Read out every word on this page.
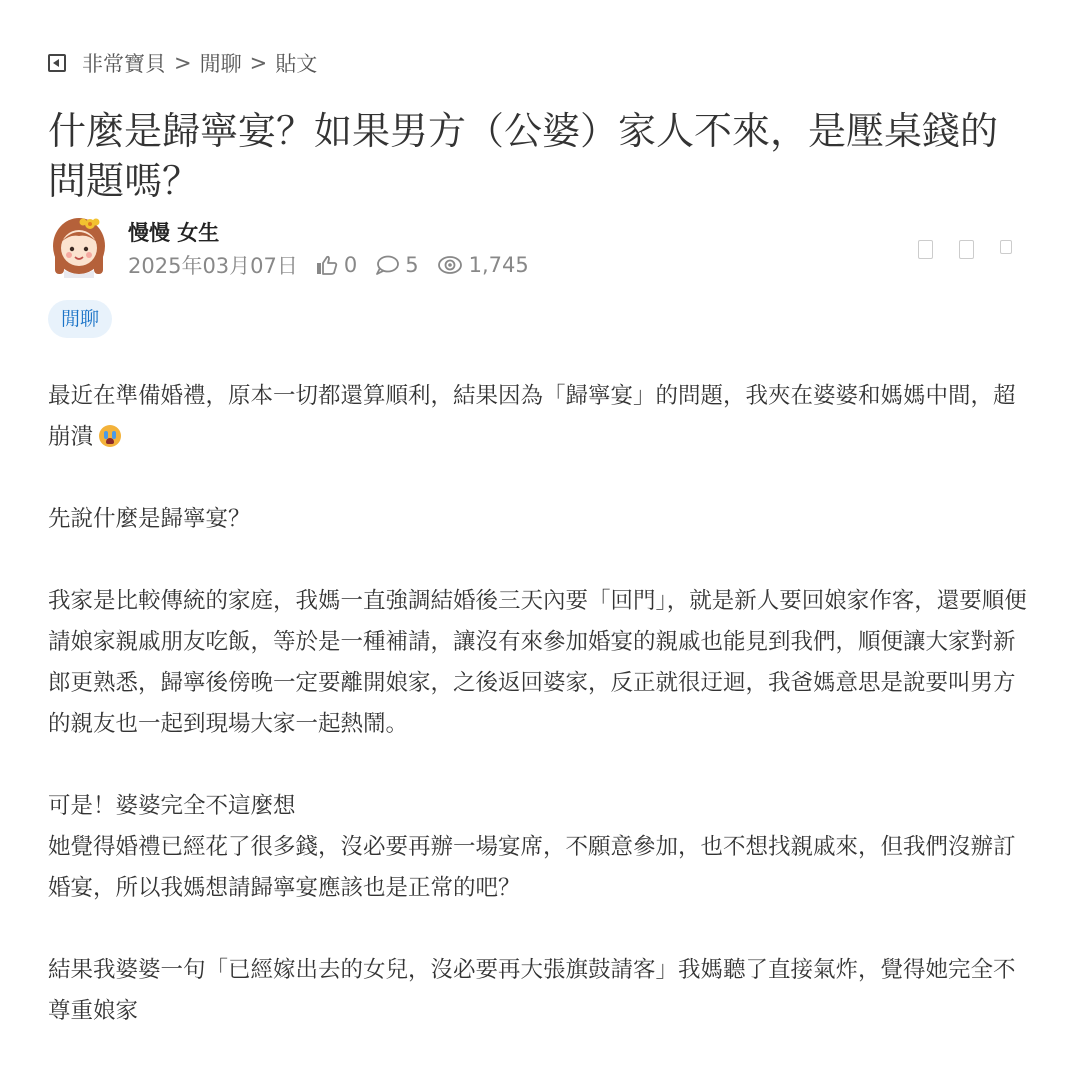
非常寶貝 > 閒聊 > 貼文
什麼是歸寧宴？如果男方（公婆）家人不來，是壓桌錢的問題嗎？
慢慢 女生
2025年03月07日 0 5 1,745
閒聊

最近在準備婚禮，原本一切都還算順利，結果因為「歸寧宴」的問題，我夾在婆婆和媽媽中間，超崩潰

先說什麼是歸寧宴？

我家是比較傳統的家庭，我媽一直強調結婚後三天內要「回門」，就是新人要回娘家作客，還要順便請娘家親戚朋友吃飯，等於是一種補請，讓沒有來參加婚宴的親戚也能見到我們，順便讓大家對新郎更熟悉，歸寧後傍晚一定要離開娘家，之後返回婆家，反正就很迂迴，我爸媽意思是說要叫男方的親友也一起到現場大家一起熱鬧。

可是！婆婆完全不這麼想

她覺得婚禮已經花了很多錢，沒必要再辦一場宴席，不願意參加，也不想找親戚來，但我們沒辦訂婚宴，所以我媽想請歸寧宴應該也是正常的吧？

結果我婆婆一句「已經嫁出去的女兒，沒必要再大張旗鼓請客」我媽聽了直接氣炸，覺得她完全不尊重娘家
